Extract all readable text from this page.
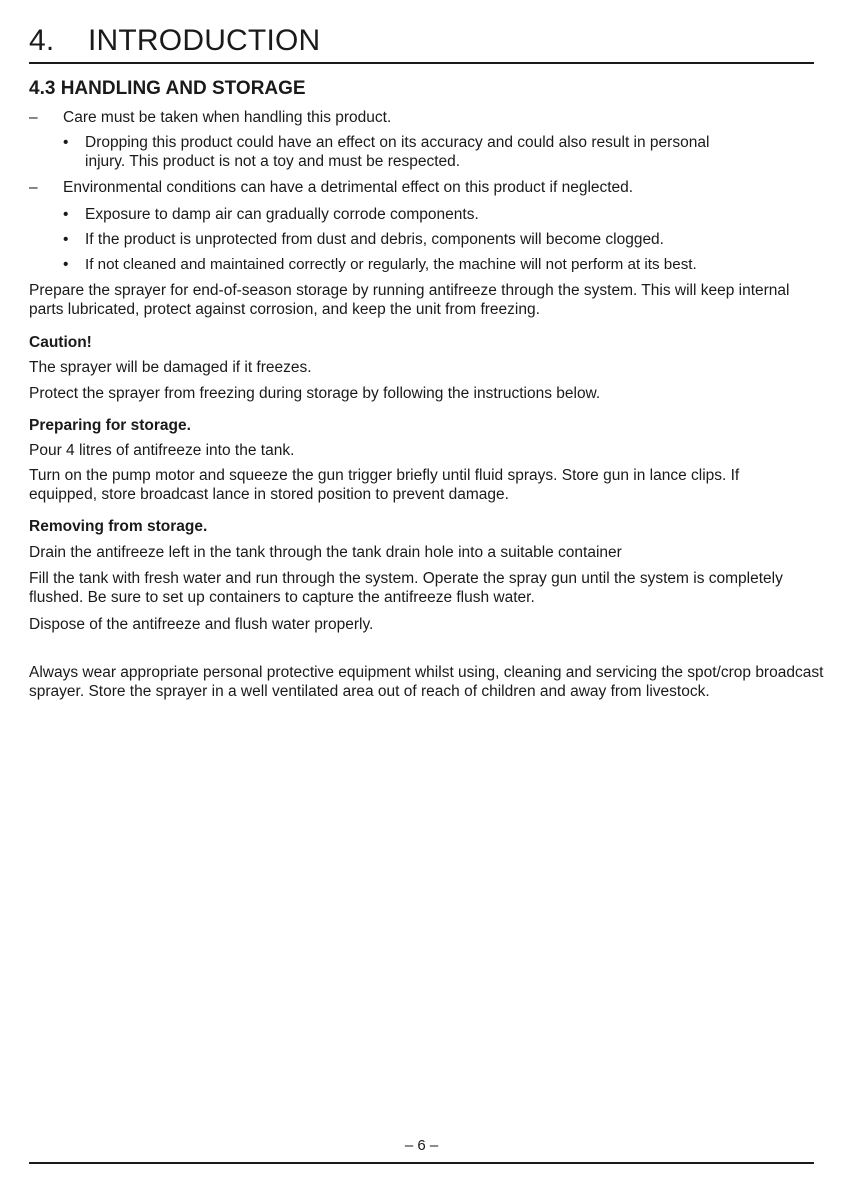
4. INTRODUCTION
4.3 HANDLING AND STORAGE
– Care must be taken when handling this product.
• Dropping this product could have an effect on its accuracy and could also result in personal injury. This product is not a toy and must be respected.
– Environmental conditions can have a detrimental effect on this product if neglected.
• Exposure to damp air can gradually corrode components.
• If the product is unprotected from dust and debris, components will become clogged.
• If not cleaned and maintained correctly or regularly, the machine will not perform at its best.
Prepare the sprayer for end-of-season storage by running antifreeze through the system. This will keep internal parts lubricated, protect against corrosion, and keep the unit from freezing.
Caution!
The sprayer will be damaged if it freezes.
Protect the sprayer from freezing during storage by following the instructions below.
Preparing for storage.
Pour 4 litres of antifreeze into the tank.
Turn on the pump motor and squeeze the gun trigger briefly until fluid sprays. Store gun in lance clips. If equipped, store broadcast lance in stored position to prevent damage.
Removing from storage.
Drain the antifreeze left in the tank through the tank drain hole into a suitable container
Fill the tank with fresh water and run through the system. Operate the spray gun until the system is completely flushed. Be sure to set up containers to capture the antifreeze flush water.
Dispose of the antifreeze and flush water properly.
Always wear appropriate personal protective equipment whilst using, cleaning and servicing the spot/crop broadcast sprayer. Store the sprayer in a well ventilated area out of reach of children and away from livestock.
– 6 –
